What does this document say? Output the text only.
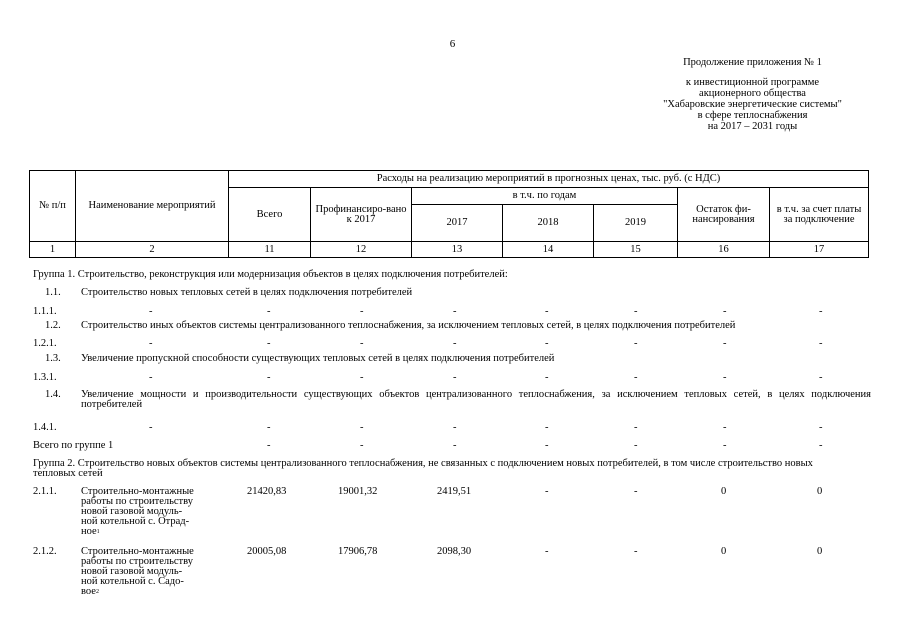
6
Продолжение приложения № 1
к инвестиционной программе
акционерного общества
"Хабаровские энергетические системы"
в сфере теплоснабжения
на 2017 – 2031 годы
№ п/п	Наименование мероприятий	Расходы на реализацию мероприятий в прогнозных ценах, тыс. руб. (с НДС)						
		Всего	Профинансиро-вано к 2017	в т.ч. по годам			Остаток фи-нансирования	в т.ч. за счет платы за подключение
				2017	2018	2019		
1	2	11	12	13	14	15	16	17
Группа 1. Строительство, реконструкция или модернизация объектов в целях подключения потребителей:
1.1. Строительство новых тепловых сетей в целях подключения потребителей
1.1.1.	-	-	-	-	-	-	-	-
1.2. Строительство иных объектов системы централизованного теплоснабжения, за исключением тепловых сетей, в целях подключения потребителей
1.2.1.	-	-	-	-	-	-	-	-
1.3. Увеличение пропускной способности существующих тепловых сетей в целях подключения потребителей
1.3.1.	-	-	-	-	-	-	-	-
1.4. Увеличение мощности и производительности существующих объектов централизованного теплоснабжения, за исключением тепловых сетей, в целях подключения потребителей
1.4.1.	-	-	-	-	-	-	-	-
Всего по группе 1	-	-	-	-	-	-	-
Группа 2. Строительство новых объектов системы централизованного теплоснабжения, не связанных с подключением новых потребителей, в том числе строительство новых тепловых сетей
2.1.1. Строительно-монтажные
работы по строительству
новой газовой модуль-
ной котельной с. Отрад-
ное$^1$
21420,83	19001,32	2419,51	-	-	0	0
2.1.2. Строительно-монтажные
работы по строительству
новой газовой модуль-
ной котельной с. Садо-
вое$^2$
20005,08	17906,78	2098,30	-	-	0	0
